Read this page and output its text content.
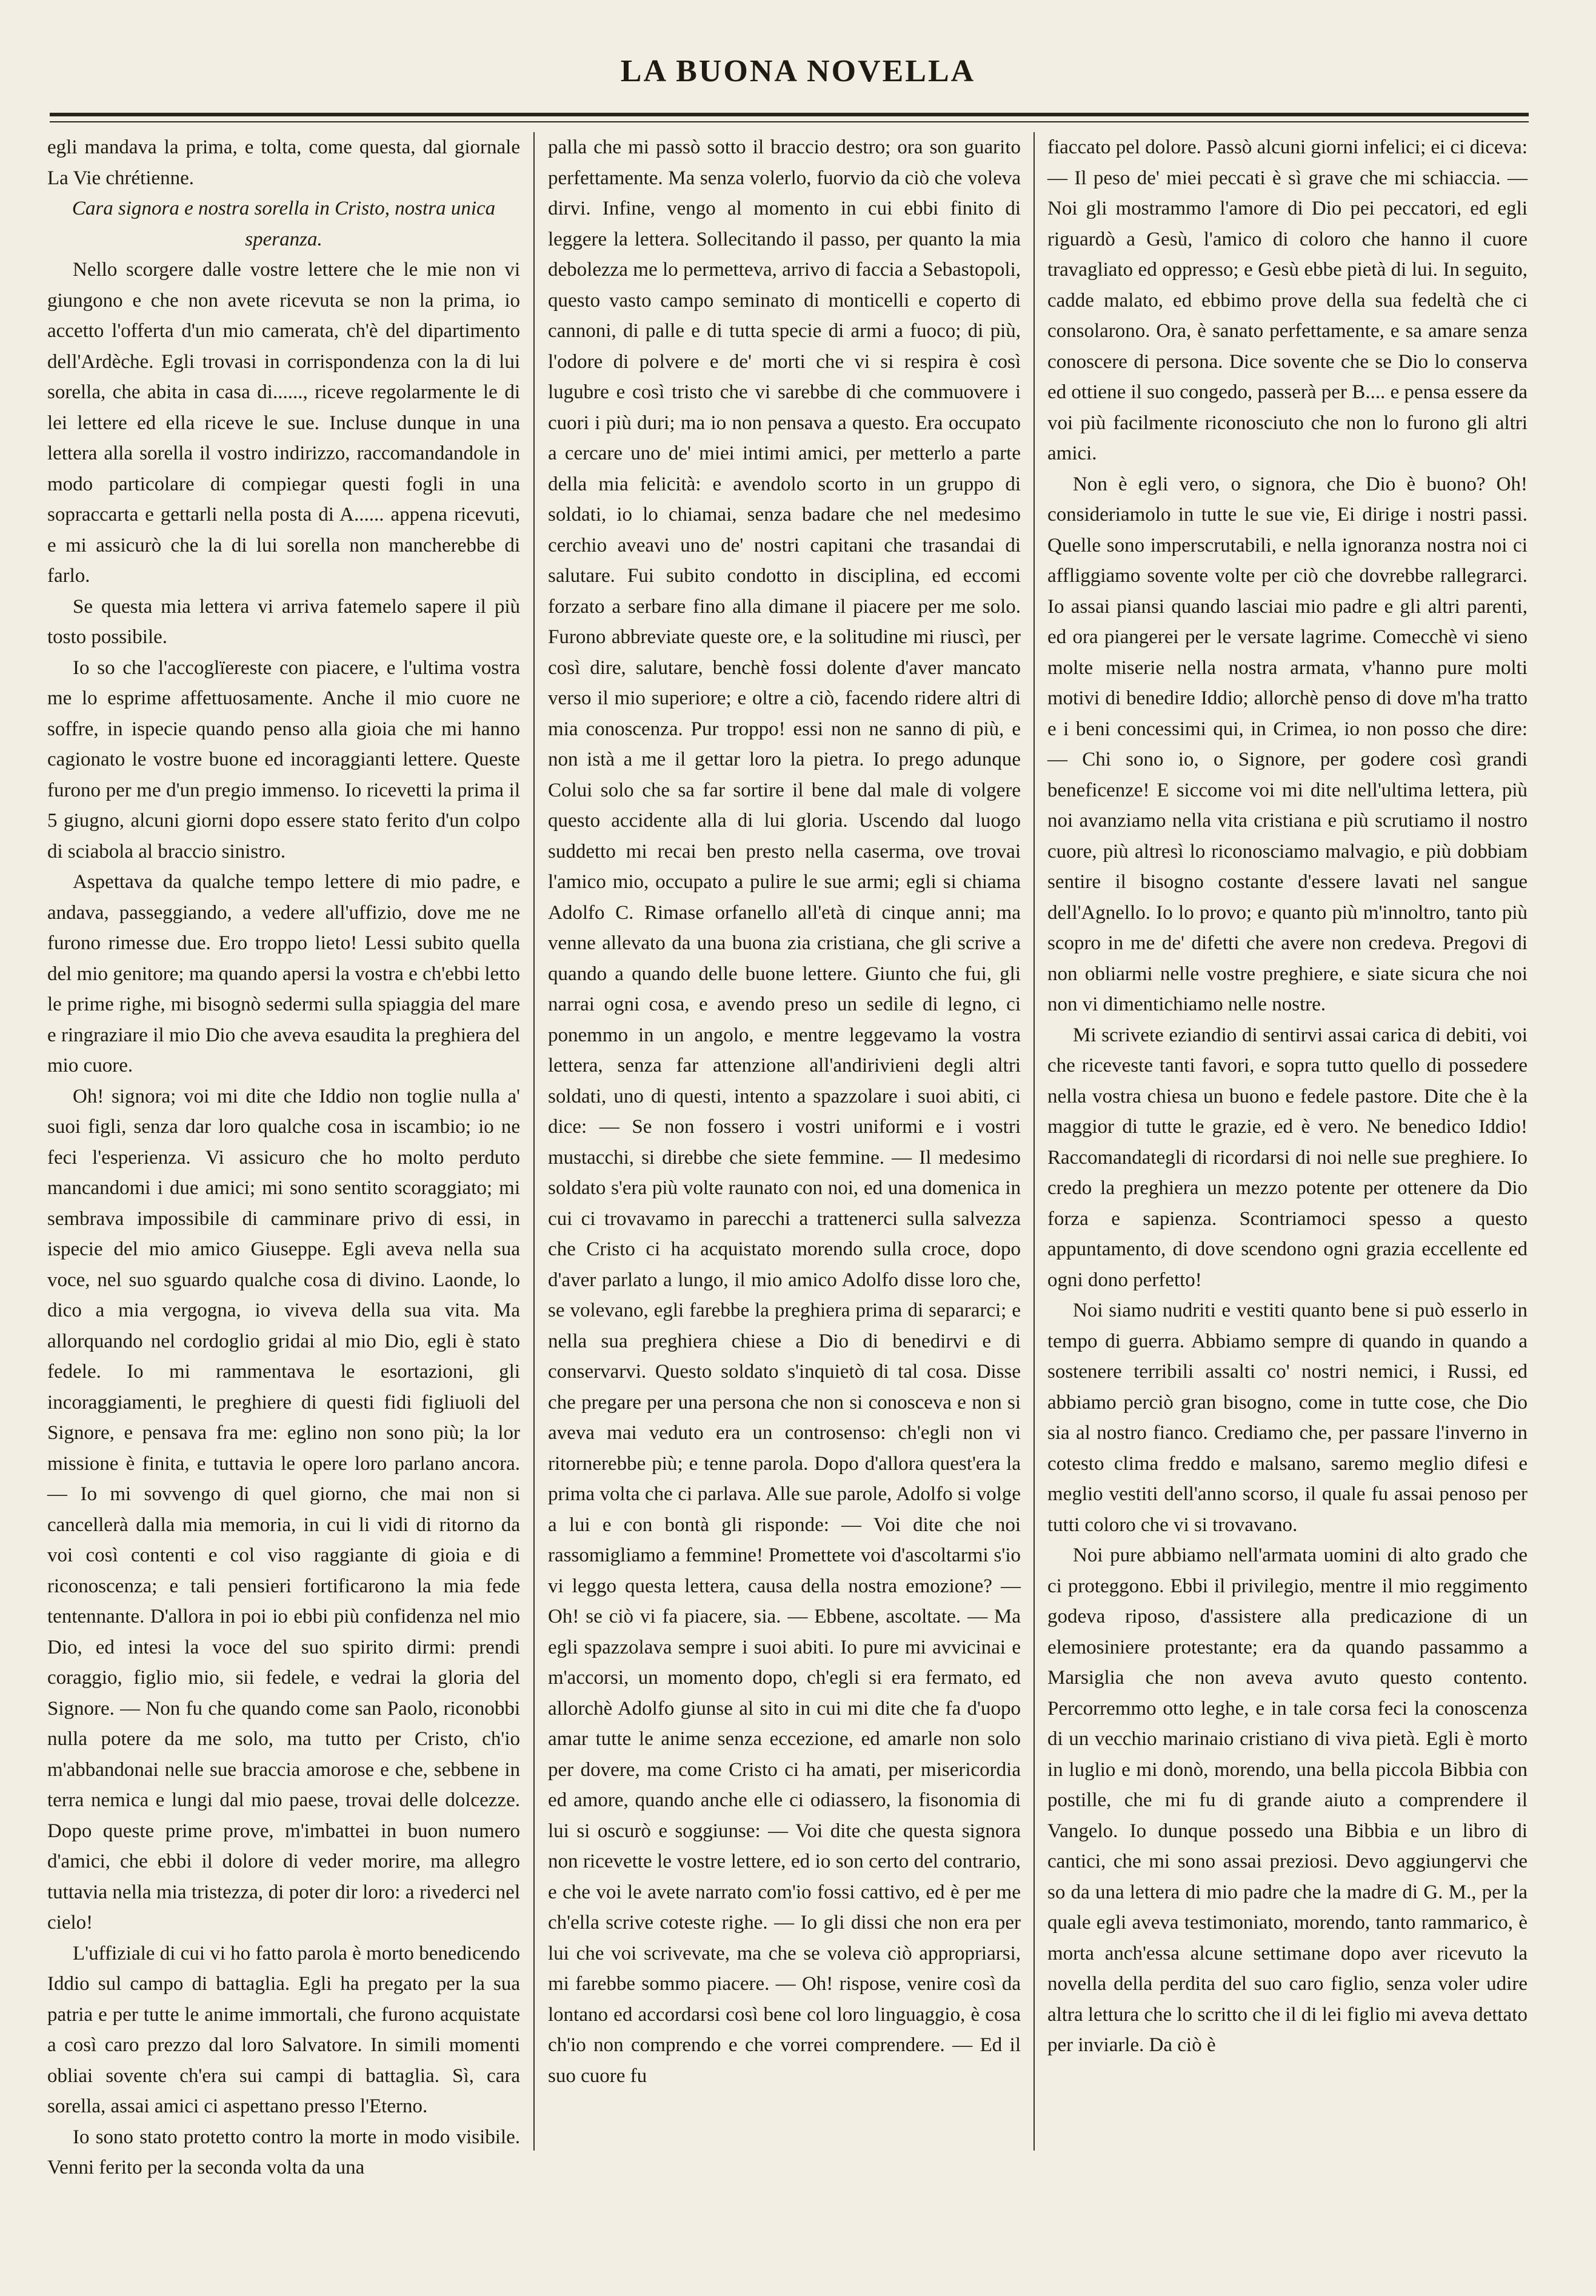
LA BUONA NOVELLA

egli mandava la prima, e tolta, come questa, dal giornale La Vie chrétienne.

Cara signora e nostra sorella in Cristo, nostra unica speranza.

Nello scorgere dalle vostre lettere che le mie non vi giungono e che non avete ricevuta se non la prima, io accetto l'offerta d'un mio camerata, ch'è del dipartimento dell'Ardèche. Egli trovasi in corrispondenza con la di lui sorella, che abita in casa di......, riceve regolarmente le di lei lettere ed ella riceve le sue. Incluse dunque in una lettera alla sorella il vostro indirizzo, raccomandandole in modo particolare di compiegar questi fogli in una sopraccarta e gettarli nella posta di A...... appena ricevuti, e mi assicurò che la di lui sorella non mancherebbe di farlo.

Se questa mia lettera vi arriva fatemelo sapere il più tosto possibile.

Io so che l'accoglïereste con piacere, e l'ultima vostra me lo esprime affettuosamente. Anche il mio cuore ne soffre, in ispecie quando penso alla gioia che mi hanno cagionato le vostre buone ed incoraggianti lettere. Queste furono per me d'un pregio immenso. Io ricevetti la prima il 5 giugno, alcuni giorni dopo essere stato ferito d'un colpo di sciabola al braccio sinistro.

Aspettava da qualche tempo lettere di mio padre, e andava, passeggiando, a vedere all'uffizio, dove me ne furono rimesse due. Ero troppo lieto! Lessi subito quella del mio genitore; ma quando apersi la vostra e ch'ebbi letto le prime righe, mi bisognò sedermi sulla spiaggia del mare e ringraziare il mio Dio che aveva esaudita la preghiera del mio cuore.

Oh! signora; voi mi dite che Iddio non toglie nulla a' suoi figli, senza dar loro qualche cosa in iscambio; io ne feci l'esperienza. Vi assicuro che ho molto perduto mancandomi i due amici; mi sono sentito scoraggiato; mi sembrava impossibile di camminare privo di essi, in ispecie del mio amico Giuseppe. Egli aveva nella sua voce, nel suo sguardo qualche cosa di divino. Laonde, lo dico a mia vergogna, io viveva della sua vita. Ma allorquando nel cordoglio gridai al mio Dio, egli è stato fedele. Io mi rammentava le esortazioni, gli incoraggiamenti, le preghiere di questi fidi figliuoli del Signore, e pensava fra me: eglino non sono più; la lor missione è finita, e tuttavia le opere loro parlano ancora. — Io mi sovvengo di quel giorno, che mai non si cancellerà dalla mia memoria, in cui li vidi di ritorno da voi così contenti e col viso raggiante di gioia e di riconoscenza; e tali pensieri fortificarono la mia fede tentennante. D'allora in poi io ebbi più confidenza nel mio Dio, ed intesi la voce del suo spirito dirmi: prendi coraggio, figlio mio, sii fedele, e vedrai la gloria del Signore. — Non fu che quando come san Paolo, riconobbi nulla potere da me solo, ma tutto per Cristo, ch'io m'abbandonai nelle sue braccia amorose e che, sebbene in terra nemica e lungi dal mio paese, trovai delle dolcezze. Dopo queste prime prove, m'imbattei in buon numero d'amici, che ebbi il dolore di veder morire, ma allegro tuttavia nella mia tristezza, di poter dir loro: a rivederci nel cielo!

L'uffiziale di cui vi ho fatto parola è morto benedicendo Iddio sul campo di battaglia. Egli ha pregato per la sua patria e per tutte le anime immortali, che furono acquistate a così caro prezzo dal loro Salvatore. In simili momenti obliai sovente ch'era sui campi di battaglia. Sì, cara sorella, assai amici ci aspettano presso l'Eterno.

Io sono stato protetto contro la morte in modo visibile. Venni ferito per la seconda volta da una

palla che mi passò sotto il braccio destro; ora son guarito perfettamente. Ma senza volerlo, fuorvio da ciò che voleva dirvi. Infine, vengo al momento in cui ebbi finito di leggere la lettera. Sollecitando il passo, per quanto la mia debolezza me lo permetteva, arrivo di faccia a Sebastopoli, questo vasto campo seminato di monticelli e coperto di cannoni, di palle e di tutta specie di armi a fuoco; di più, l'odore di polvere e de' morti che vi si respira è così lugubre e così tristo che vi sarebbe di che commuovere i cuori i più duri; ma io non pensava a questo. Era occupato a cercare uno de' miei intimi amici, per metterlo a parte della mia felicità: e avendolo scorto in un gruppo di soldati, io lo chiamai, senza badare che nel medesimo cerchio aveavi uno de' nostri capitani che trasandai di salutare. Fui subito condotto in disciplina, ed eccomi forzato a serbare fino alla dimane il piacere per me solo. Furono abbreviate queste ore, e la solitudine mi riuscì, per così dire, salutare, benchè fossi dolente d'aver mancato verso il mio superiore; e oltre a ciò, facendo ridere altri di mia conoscenza. Pur troppo! essi non ne sanno di più, e non istà a me il gettar loro la pietra. Io prego adunque Colui solo che sa far sortire il bene dal male di volgere questo accidente alla di lui gloria. Uscendo dal luogo suddetto mi recai ben presto nella caserma, ove trovai l'amico mio, occupato a pulire le sue armi; egli si chiama Adolfo C. Rimase orfanello all'età di cinque anni; ma venne allevato da una buona zia cristiana, che gli scrive a quando a quando delle buone lettere. Giunto che fui, gli narrai ogni cosa, e avendo preso un sedile di legno, ci ponemmo in un angolo, e mentre leggevamo la vostra lettera, senza far attenzione all'andirivieni degli altri soldati, uno di questi, intento a spazzolare i suoi abiti, ci dice: — Se non fossero i vostri uniformi e i vostri mustacchi, si direbbe che siete femmine. — Il medesimo soldato s'era più volte raunato con noi, ed una domenica in cui ci trovavamo in parecchi a trattenerci sulla salvezza che Cristo ci ha acquistato morendo sulla croce, dopo d'aver parlato a lungo, il mio amico Adolfo disse loro che, se volevano, egli farebbe la preghiera prima di separarci; e nella sua preghiera chiese a Dio di benedirvi e di conservarvi. Questo soldato s'inquietò di tal cosa. Disse che pregare per una persona che non si conosceva e non si aveva mai veduto era un controsenso: ch'egli non vi ritornerebbe più; e tenne parola. Dopo d'allora quest'era la prima volta che ci parlava. Alle sue parole, Adolfo si volge a lui e con bontà gli risponde: — Voi dite che noi rassomigliamo a femmine! Promettete voi d'ascoltarmi s'io vi leggo questa lettera, causa della nostra emozione? — Oh! se ciò vi fa piacere, sia. — Ebbene, ascoltate. — Ma egli spazzolava sempre i suoi abiti. Io pure mi avvicinai e m'accorsi, un momento dopo, ch'egli si era fermato, ed allorchè Adolfo giunse al sito in cui mi dite che fa d'uopo amar tutte le anime senza eccezione, ed amarle non solo per dovere, ma come Cristo ci ha amati, per misericordia ed amore, quando anche elle ci odiassero, la fisonomia di lui si oscurò e soggiunse: — Voi dite che questa signora non ricevette le vostre lettere, ed io son certo del contrario, e che voi le avete narrato com'io fossi cattivo, ed è per me ch'ella scrive coteste righe. — Io gli dissi che non era per lui che voi scrivevate, ma che se voleva ciò appropriarsi, mi farebbe sommo piacere. — Oh! rispose, venire così da lontano ed accordarsi così bene col loro linguaggio, è cosa ch'io non comprendo e che vorrei comprendere. — Ed il suo cuore fu

fiaccato pel dolore. Passò alcuni giorni infelici; ei ci diceva: — Il peso de' miei peccati è sì grave che mi schiaccia. — Noi gli mostrammo l'amore di Dio pei peccatori, ed egli riguardò a Gesù, l'amico di coloro che hanno il cuore travagliato ed oppresso; e Gesù ebbe pietà di lui. In seguito, cadde malato, ed ebbimo prove della sua fedeltà che ci consolarono. Ora, è sanato perfettamente, e sa amare senza conoscere di persona. Dice sovente che se Dio lo conserva ed ottiene il suo congedo, passerà per B.... e pensa essere da voi più facilmente riconosciuto che non lo furono gli altri amici.

Non è egli vero, o signora, che Dio è buono? Oh! consideriamolo in tutte le sue vie, Ei dirige i nostri passi. Quelle sono imperscrutabili, e nella ignoranza nostra noi ci affliggiamo sovente volte per ciò che dovrebbe rallegrarci. Io assai piansi quando lasciai mio padre e gli altri parenti, ed ora piangerei per le versate lagrime. Comecchè vi sieno molte miserie nella nostra armata, v'hanno pure molti motivi di benedire Iddio; allorchè penso di dove m'ha tratto e i beni concessimi qui, in Crimea, io non posso che dire: — Chi sono io, o Signore, per godere così grandi beneficenze! E siccome voi mi dite nell'ultima lettera, più noi avanziamo nella vita cristiana e più scrutiamo il nostro cuore, più altresì lo riconosciamo malvagio, e più dobbiam sentire il bisogno costante d'essere lavati nel sangue dell'Agnello. Io lo provo; e quanto più m'innoltro, tanto più scopro in me de' difetti che avere non credeva. Pregovi di non obliarmi nelle vostre preghiere, e siate sicura che noi non vi dimentichiamo nelle nostre.

Mi scrivete eziandio di sentirvi assai carica di debiti, voi che riceveste tanti favori, e sopra tutto quello di possedere nella vostra chiesa un buono e fedele pastore. Dite che è la maggior di tutte le grazie, ed è vero. Ne benedico Iddio! Raccomandategli di ricordarsi di noi nelle sue preghiere. Io credo la preghiera un mezzo potente per ottenere da Dio forza e sapienza. Scontriamoci spesso a questo appuntamento, di dove scendono ogni grazia eccellente ed ogni dono perfetto!

Noi siamo nudriti e vestiti quanto bene si può esserlo in tempo di guerra. Abbiamo sempre di quando in quando a sostenere terribili assalti co' nostri nemici, i Russi, ed abbiamo perciò gran bisogno, come in tutte cose, che Dio sia al nostro fianco. Crediamo che, per passare l'inverno in cotesto clima freddo e malsano, saremo meglio difesi e meglio vestiti dell'anno scorso, il quale fu assai penoso per tutti coloro che vi si trovavano.

Noi pure abbiamo nell'armata uomini di alto grado che ci proteggono. Ebbi il privilegio, mentre il mio reggimento godeva riposo, d'assistere alla predicazione di un elemosiniere protestante; era da quando passammo a Marsiglia che non aveva avuto questo contento. Percorremmo otto leghe, e in tale corsa feci la conoscenza di un vecchio marinaio cristiano di viva pietà. Egli è morto in luglio e mi donò, morendo, una bella piccola Bibbia con postille, che mi fu di grande aiuto a comprendere il Vangelo. Io dunque possedo una Bibbia e un libro di cantici, che mi sono assai preziosi. Devo aggiungervi che so da una lettera di mio padre che la madre di G. M., per la quale egli aveva testimoniato, morendo, tanto rammarico, è morta anch'essa alcune settimane dopo aver ricevuto la novella della perdita del suo caro figlio, senza voler udire altra lettura che lo scritto che il di lei figlio mi aveva dettato per inviarle. Da ciò è
